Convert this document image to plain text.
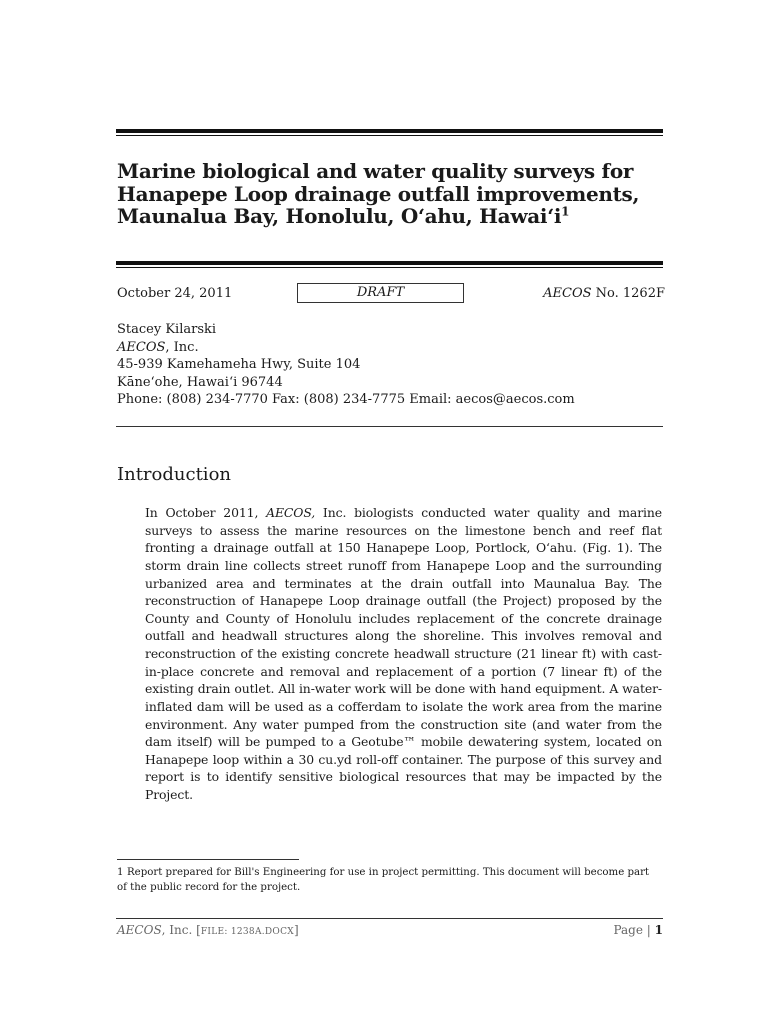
Marine biological and water quality surveys for
Hanapepe Loop drainage outfall improvements,
Maunalua Bay, Honolulu, O‘ahu, Hawai‘i$^1$
October 24, 2011	DRAFT	AECOS No. 1262F
Stacey Kilarski
AECOS, Inc.
45-939 Kamehameha Hwy, Suite 104
Kāneʻohe, Hawaiʻi 96744
Phone: (808) 234-7770 Fax: (808) 234-7775 Email: aecos@aecos.com
Introduction
In October 2011, AECOS, Inc. biologists conducted water quality and marine surveys to assess the marine resources on the limestone bench and reef flat fronting a drainage outfall at 150 Hanapepe Loop, Portlock, O‘ahu. (Fig. 1). The storm drain line collects street runoff from Hanapepe Loop and the surrounding urbanized area and terminates at the drain outfall into Maunalua Bay. The reconstruction of Hanapepe Loop drainage outfall (the Project) proposed by the County and County of Honolulu includes replacement of the concrete drainage outfall and headwall structures along the shoreline. This involves removal and reconstruction of the existing concrete headwall structure (21 linear ft) with cast-in-place concrete and removal and replacement of a portion (7 linear ft) of the existing drain outlet. All in-water work will be done with hand equipment. A water-inflated dam will be used as a cofferdam to isolate the work area from the marine environment. Any water pumped from the construction site (and water from the dam itself) will be pumped to a Geotube™ mobile dewatering system, located on Hanapepe loop within a 30 cu.yd roll-off container. The purpose of this survey and report is to identify sensitive biological resources that may be impacted by the Project.
1 Report prepared for Bill's Engineering for use in project permitting. This document will become part of the public record for the project.
AECOS, Inc. [FILE: 1238A.DOCX]	Page | 1
